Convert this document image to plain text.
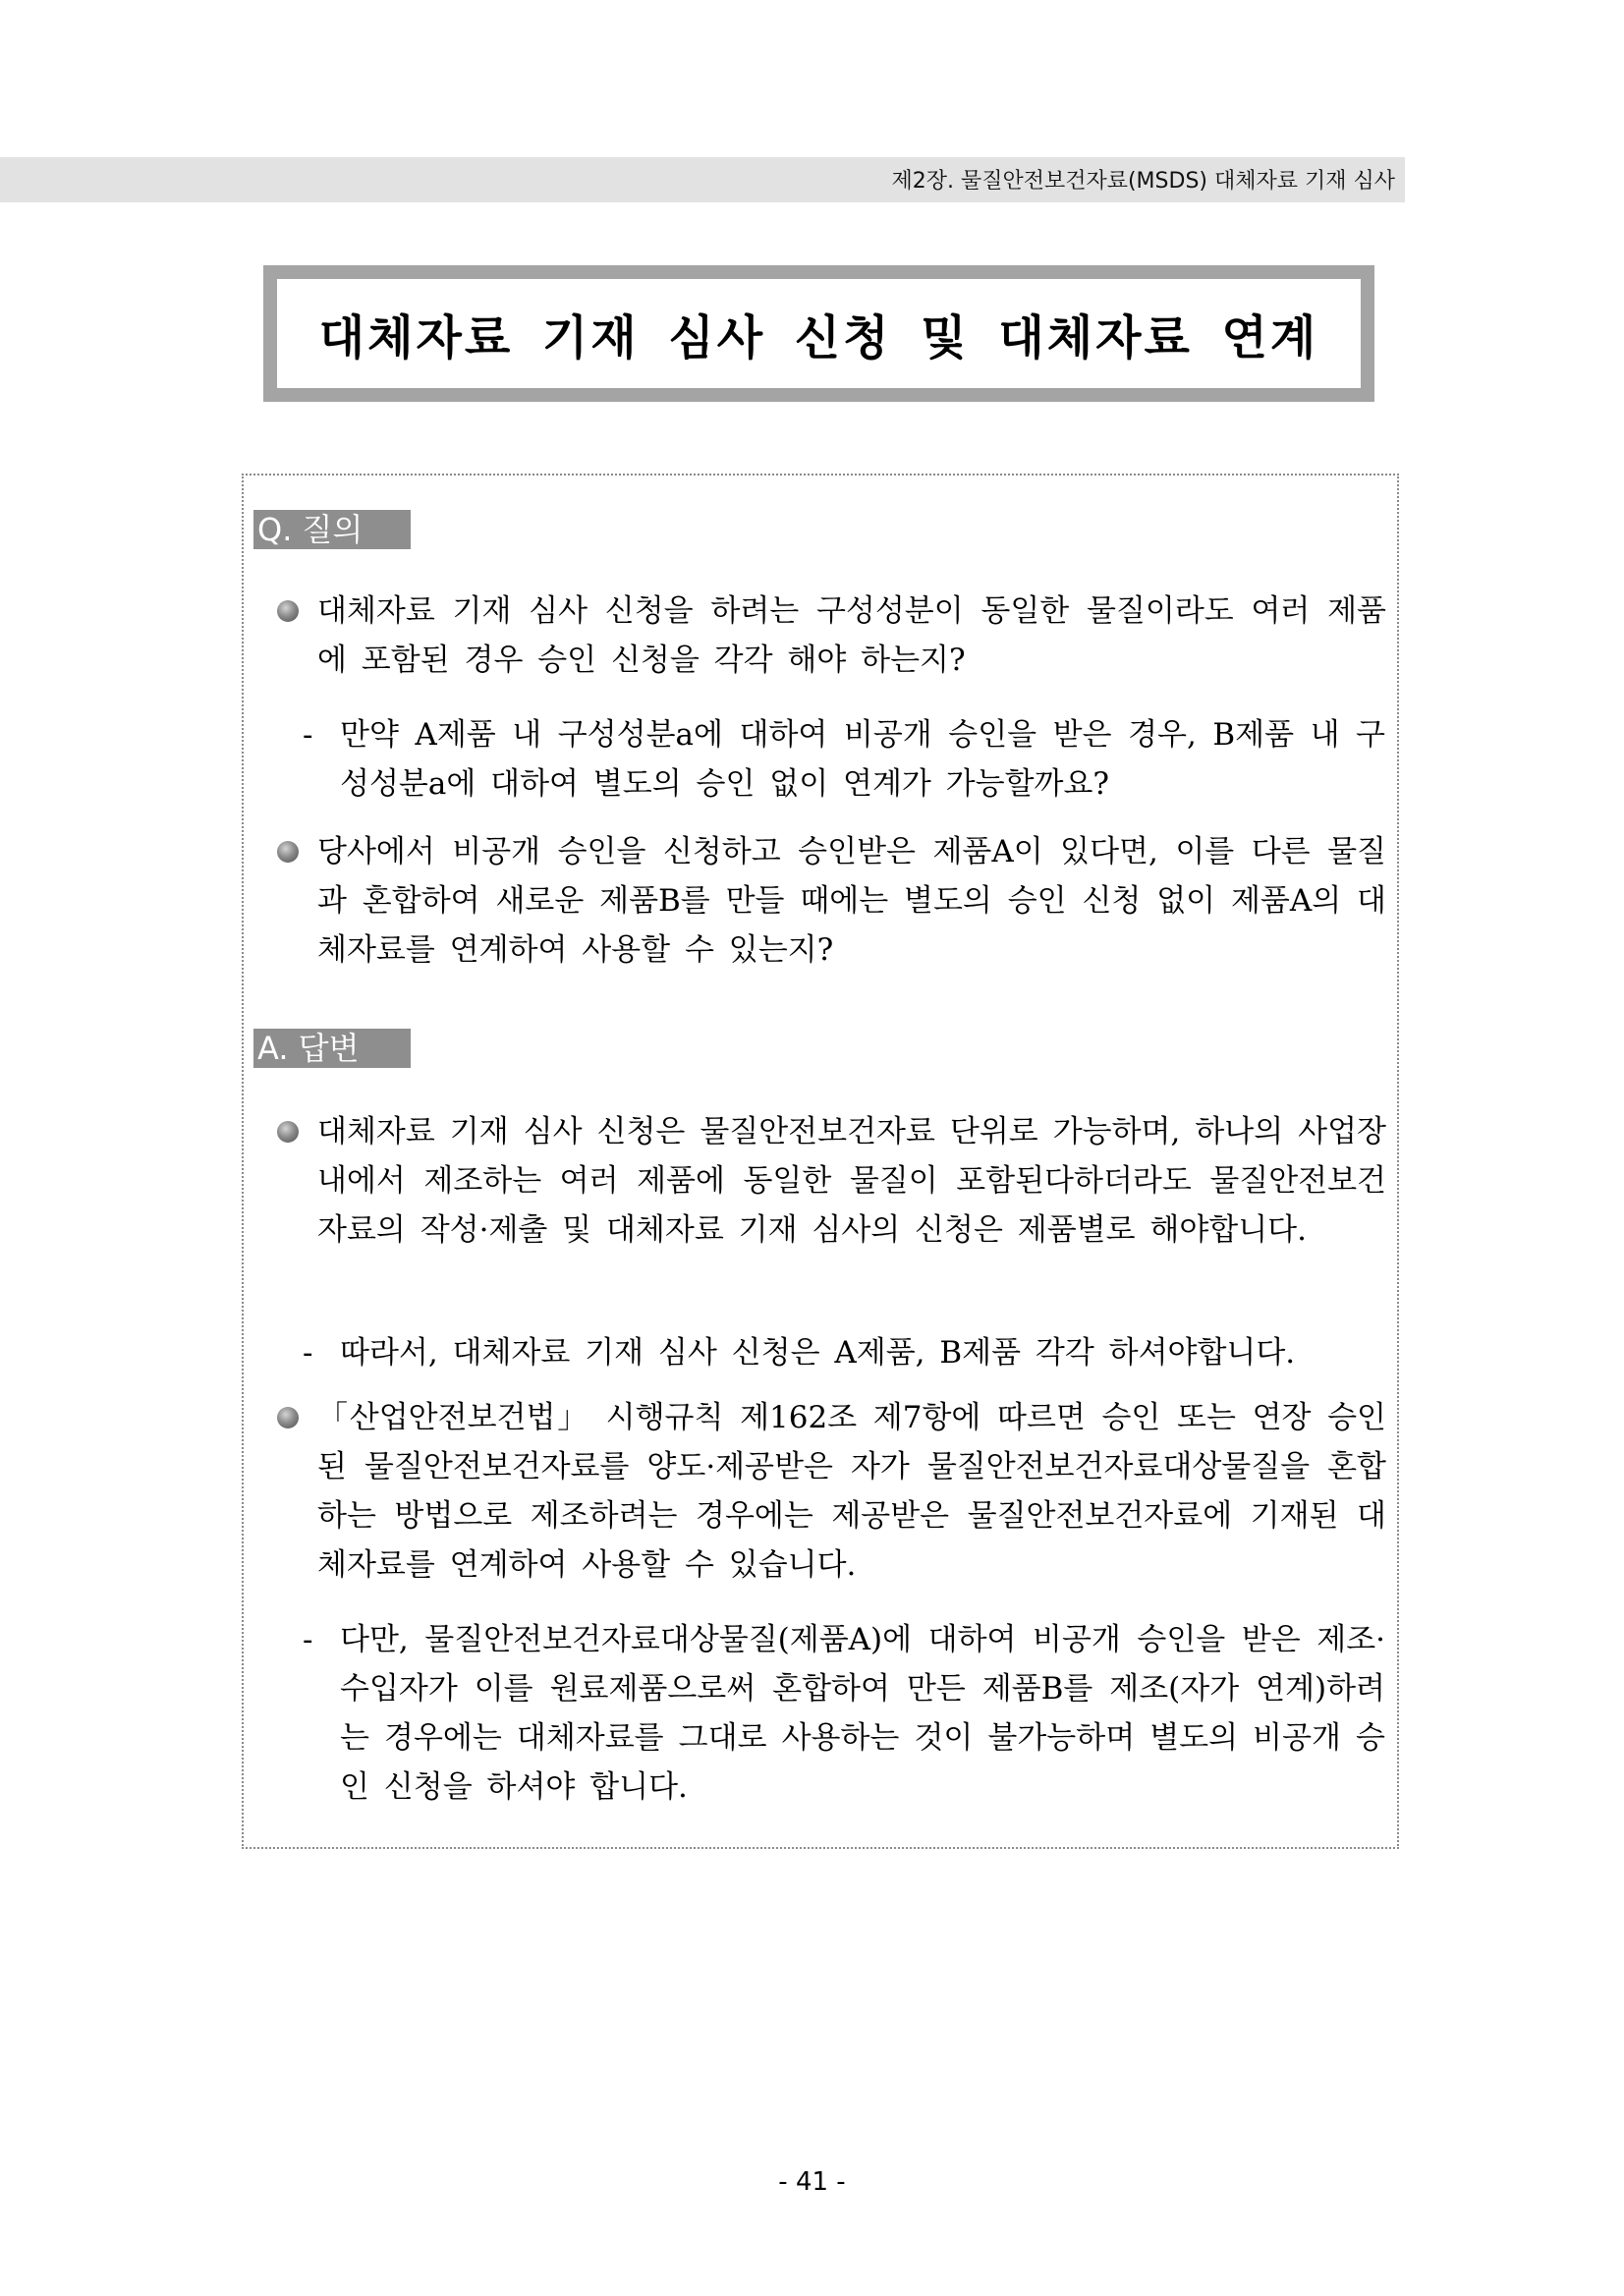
제2장. 물질안전보건자료(MSDS) 대체자료 기재 심사
대체자료 기재 심사 신청 및 대체자료 연계
Q. 질의
대체자료 기재 심사 신청을 하려는 구성성분이 동일한 물질이라도 여러 제품에 포함된 경우 승인 신청을 각각 해야 하는지?
- 만약 A제품 내 구성성분a에 대하여 비공개 승인을 받은 경우, B제품 내 구성성분a에 대하여 별도의 승인 없이 연계가 가능할까요?
당사에서 비공개 승인을 신청하고 승인받은 제품A이 있다면, 이를 다른 물질과 혼합하여 새로운 제품B를 만들 때에는 별도의 승인 신청 없이 제품A의 대체자료를 연계하여 사용할 수 있는지?
A. 답변
대체자료 기재 심사 신청은 물질안전보건자료 단위로 가능하며, 하나의 사업장 내에서 제조하는 여러 제품에 동일한 물질이 포함된다하더라도 물질안전보건자료의 작성·제출 및 대체자료 기재 심사의 신청은 제품별로 해야합니다.
- 따라서, 대체자료 기재 심사 신청은 A제품, B제품 각각 하셔야합니다.
「산업안전보건법」 시행규칙 제162조 제7항에 따르면 승인 또는 연장 승인된 물질안전보건자료를 양도·제공받은 자가 물질안전보건자료대상물질을 혼합하는 방법으로 제조하려는 경우에는 제공받은 물질안전보건자료에 기재된 대체자료를 연계하여 사용할 수 있습니다.
- 다만, 물질안전보건자료대상물질(제품A)에 대하여 비공개 승인을 받은 제조·수입자가 이를 원료제품으로써 혼합하여 만든 제품B를 제조(자가 연계)하려는 경우에는 대체자료를 그대로 사용하는 것이 불가능하며 별도의 비공개 승인 신청을 하셔야 합니다.
- 41 -
